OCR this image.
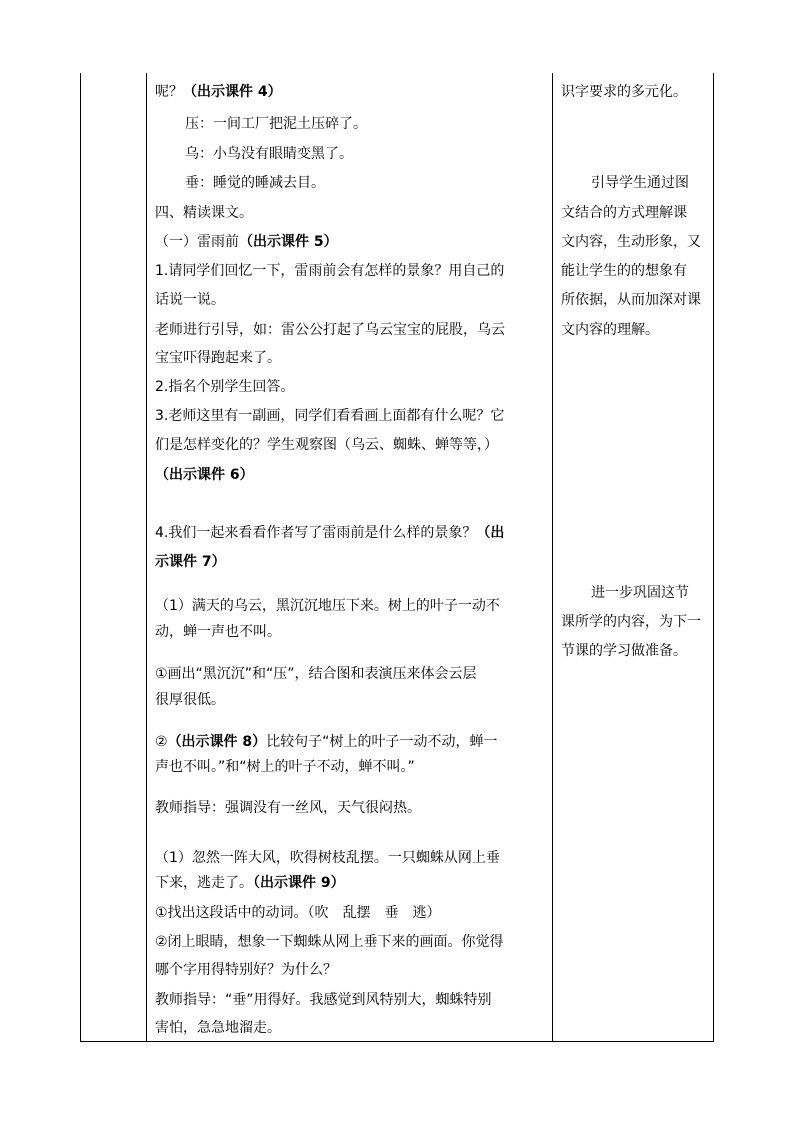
呢？（出示课件 4）
压：一间工厂把泥土压碎了。
乌：小鸟没有眼睛变黑了。
垂：睡觉的睡减去目。
四、精读课文。
（一）雷雨前（出示课件 5）
1.请同学们回忆一下，雷雨前会有怎样的景象？用自己的
话说一说。
老师进行引导，如：雷公公打起了乌云宝宝的屁股，乌云
宝宝吓得跑起来了。
2.指名个别学生回答。
3.老师这里有一副画，同学们看看画上面都有什么呢？它
们是怎样变化的？学生观察图（乌云、蜘蛛、蝉等等，）
（出示课件 6）
4.我们一起来看看作者写了雷雨前是什么样的景象？（出
示课件 7）
（1）满天的乌云，黑沉沉地压下来。树上的叶子一动不
动，蝉一声也不叫。
①画出“黑沉沉”和“压”，结合图和表演压来体会云层
很厚很低。
②（出示课件 8）比较句子“树上的叶子一动不动，蝉一
声也不叫。”和“树上的叶子不动，蝉不叫。”
教师指导：强调没有一丝风，天气很闷热。
（1）忽然一阵大风，吹得树枝乱摆。一只蜘蛛从网上垂
下来，逃走了。（出示课件 9）
①找出这段话中的动词。（吹　乱摆　垂　逃）
②闭上眼睛，想象一下蜘蛛从网上垂下来的画面。你觉得
哪个字用得特别好？为什么？
教师指导：“垂”用得好。我感觉到风特别大，蜘蛛特别
害怕，急急地溜走。
识字要求的多元化。
引导学生通过图
文结合的方式理解课
文内容，生动形象，又
能让学生的的想象有
所依据，从而加深对课
文内容的理解。
进一步巩固这节
课所学的内容，为下一
节课的学习做准备。
